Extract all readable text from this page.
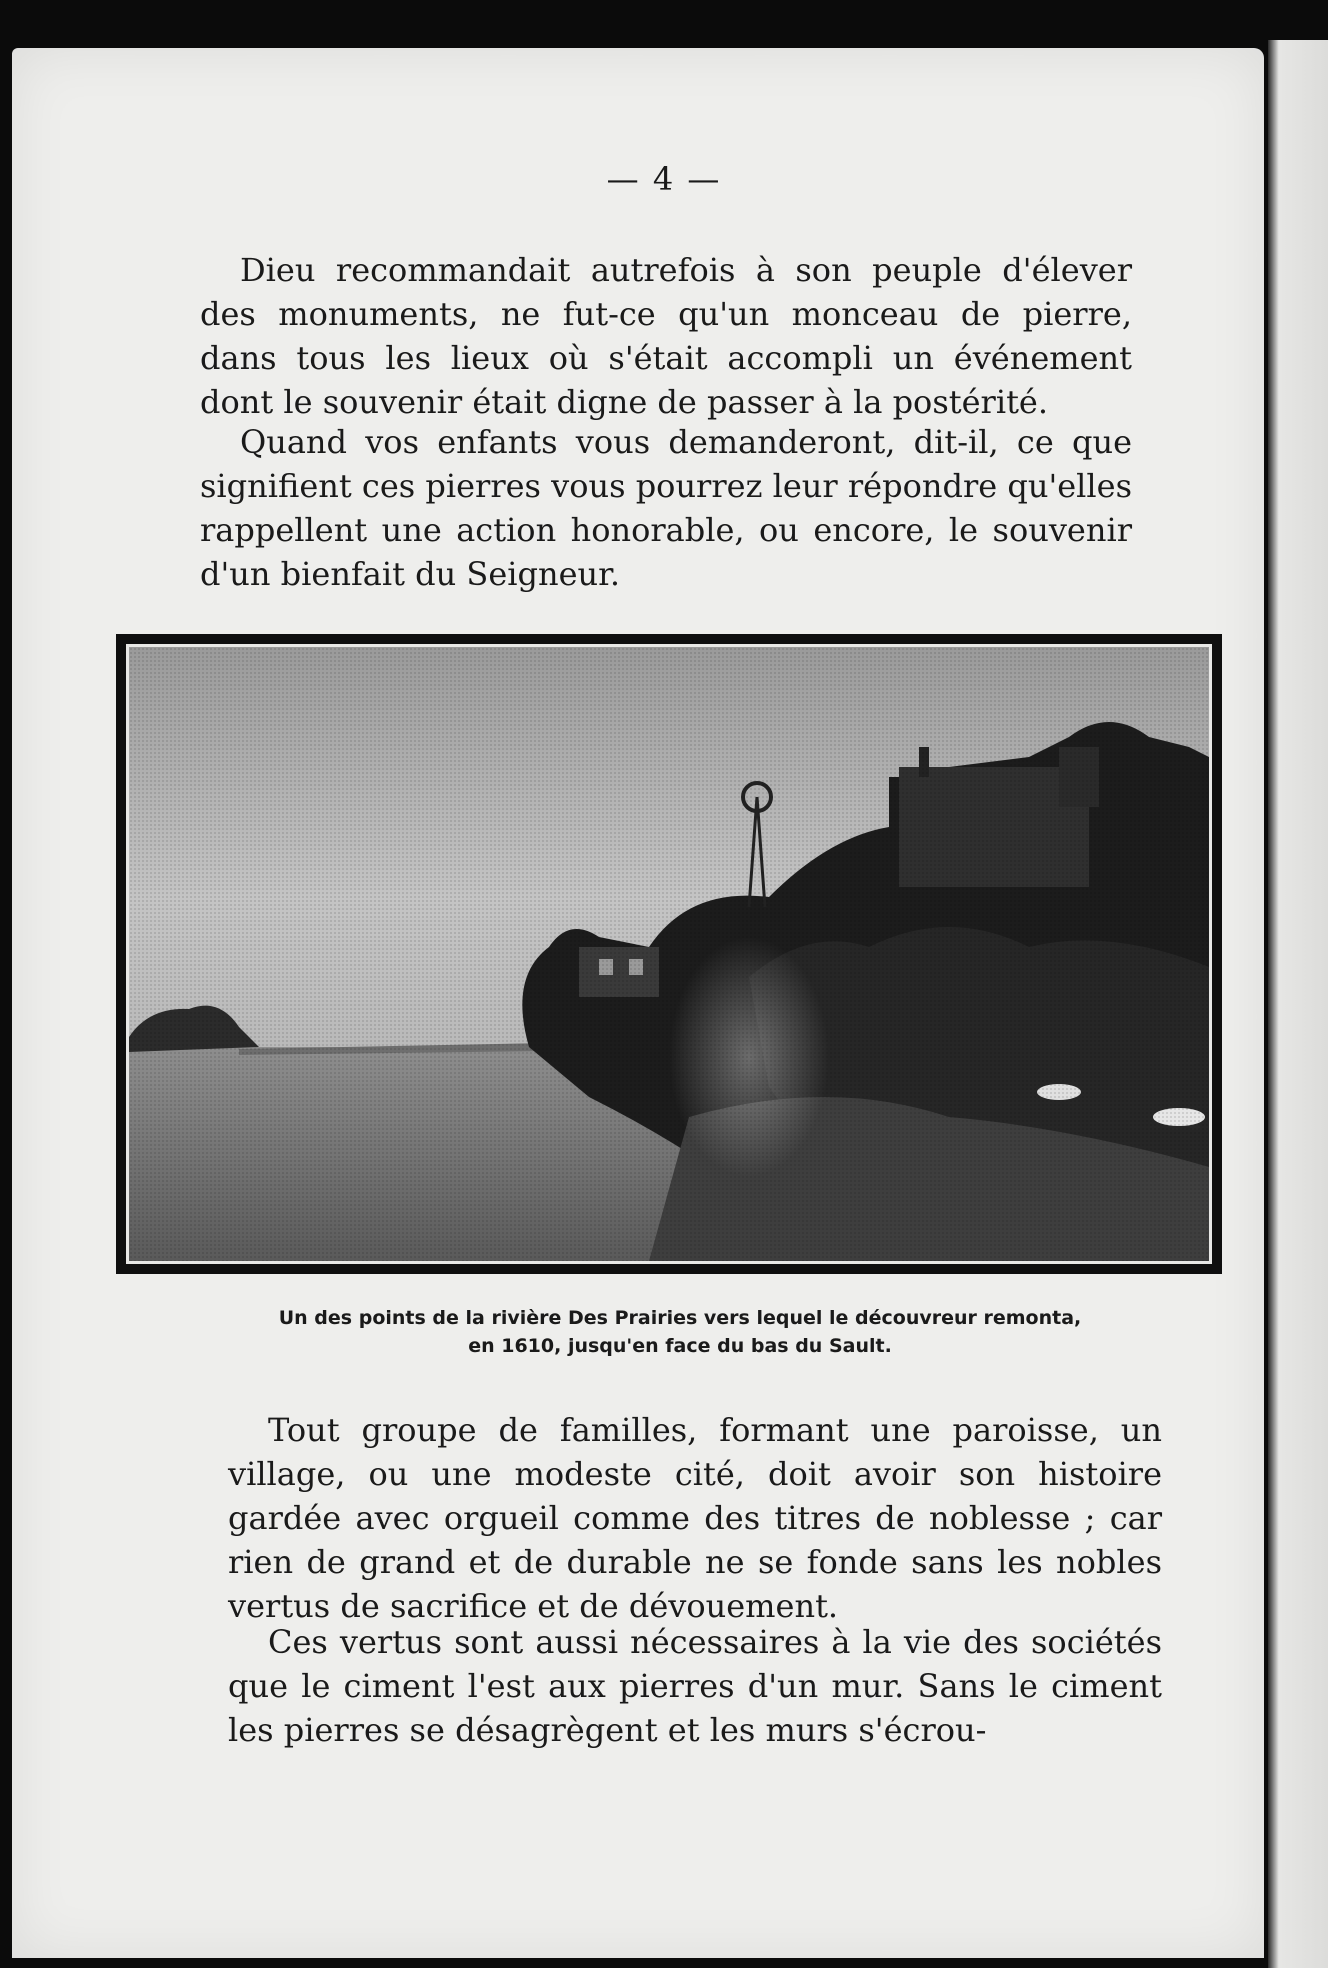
— 4 —

Dieu recommandait autrefois à son peuple d'élever des monuments, ne fut-ce qu'un monceau de pierre, dans tous les lieux où s'était accompli un événement dont le souvenir était digne de passer à la postérité.

Quand vos enfants vous demanderont, dit-il, ce que signifient ces pierres vous pourrez leur répondre qu'elles rappellent une action honorable, ou encore, le souvenir d'un bienfait du Seigneur.

Un des points de la rivière Des Prairies vers lequel le découvreur remonta,
en 1610, jusqu'en face du bas du Sault.

Tout groupe de familles, formant une paroisse, un village, ou une modeste cité, doit avoir son histoire gardée avec orgueil comme des titres de noblesse ; car rien de grand et de durable ne se fonde sans les nobles vertus de sacrifice et de dévouement.

Ces vertus sont aussi nécessaires à la vie des sociétés que le ciment l'est aux pierres d'un mur. Sans le ciment les pierres se désagrègent et les murs s'écrou-
